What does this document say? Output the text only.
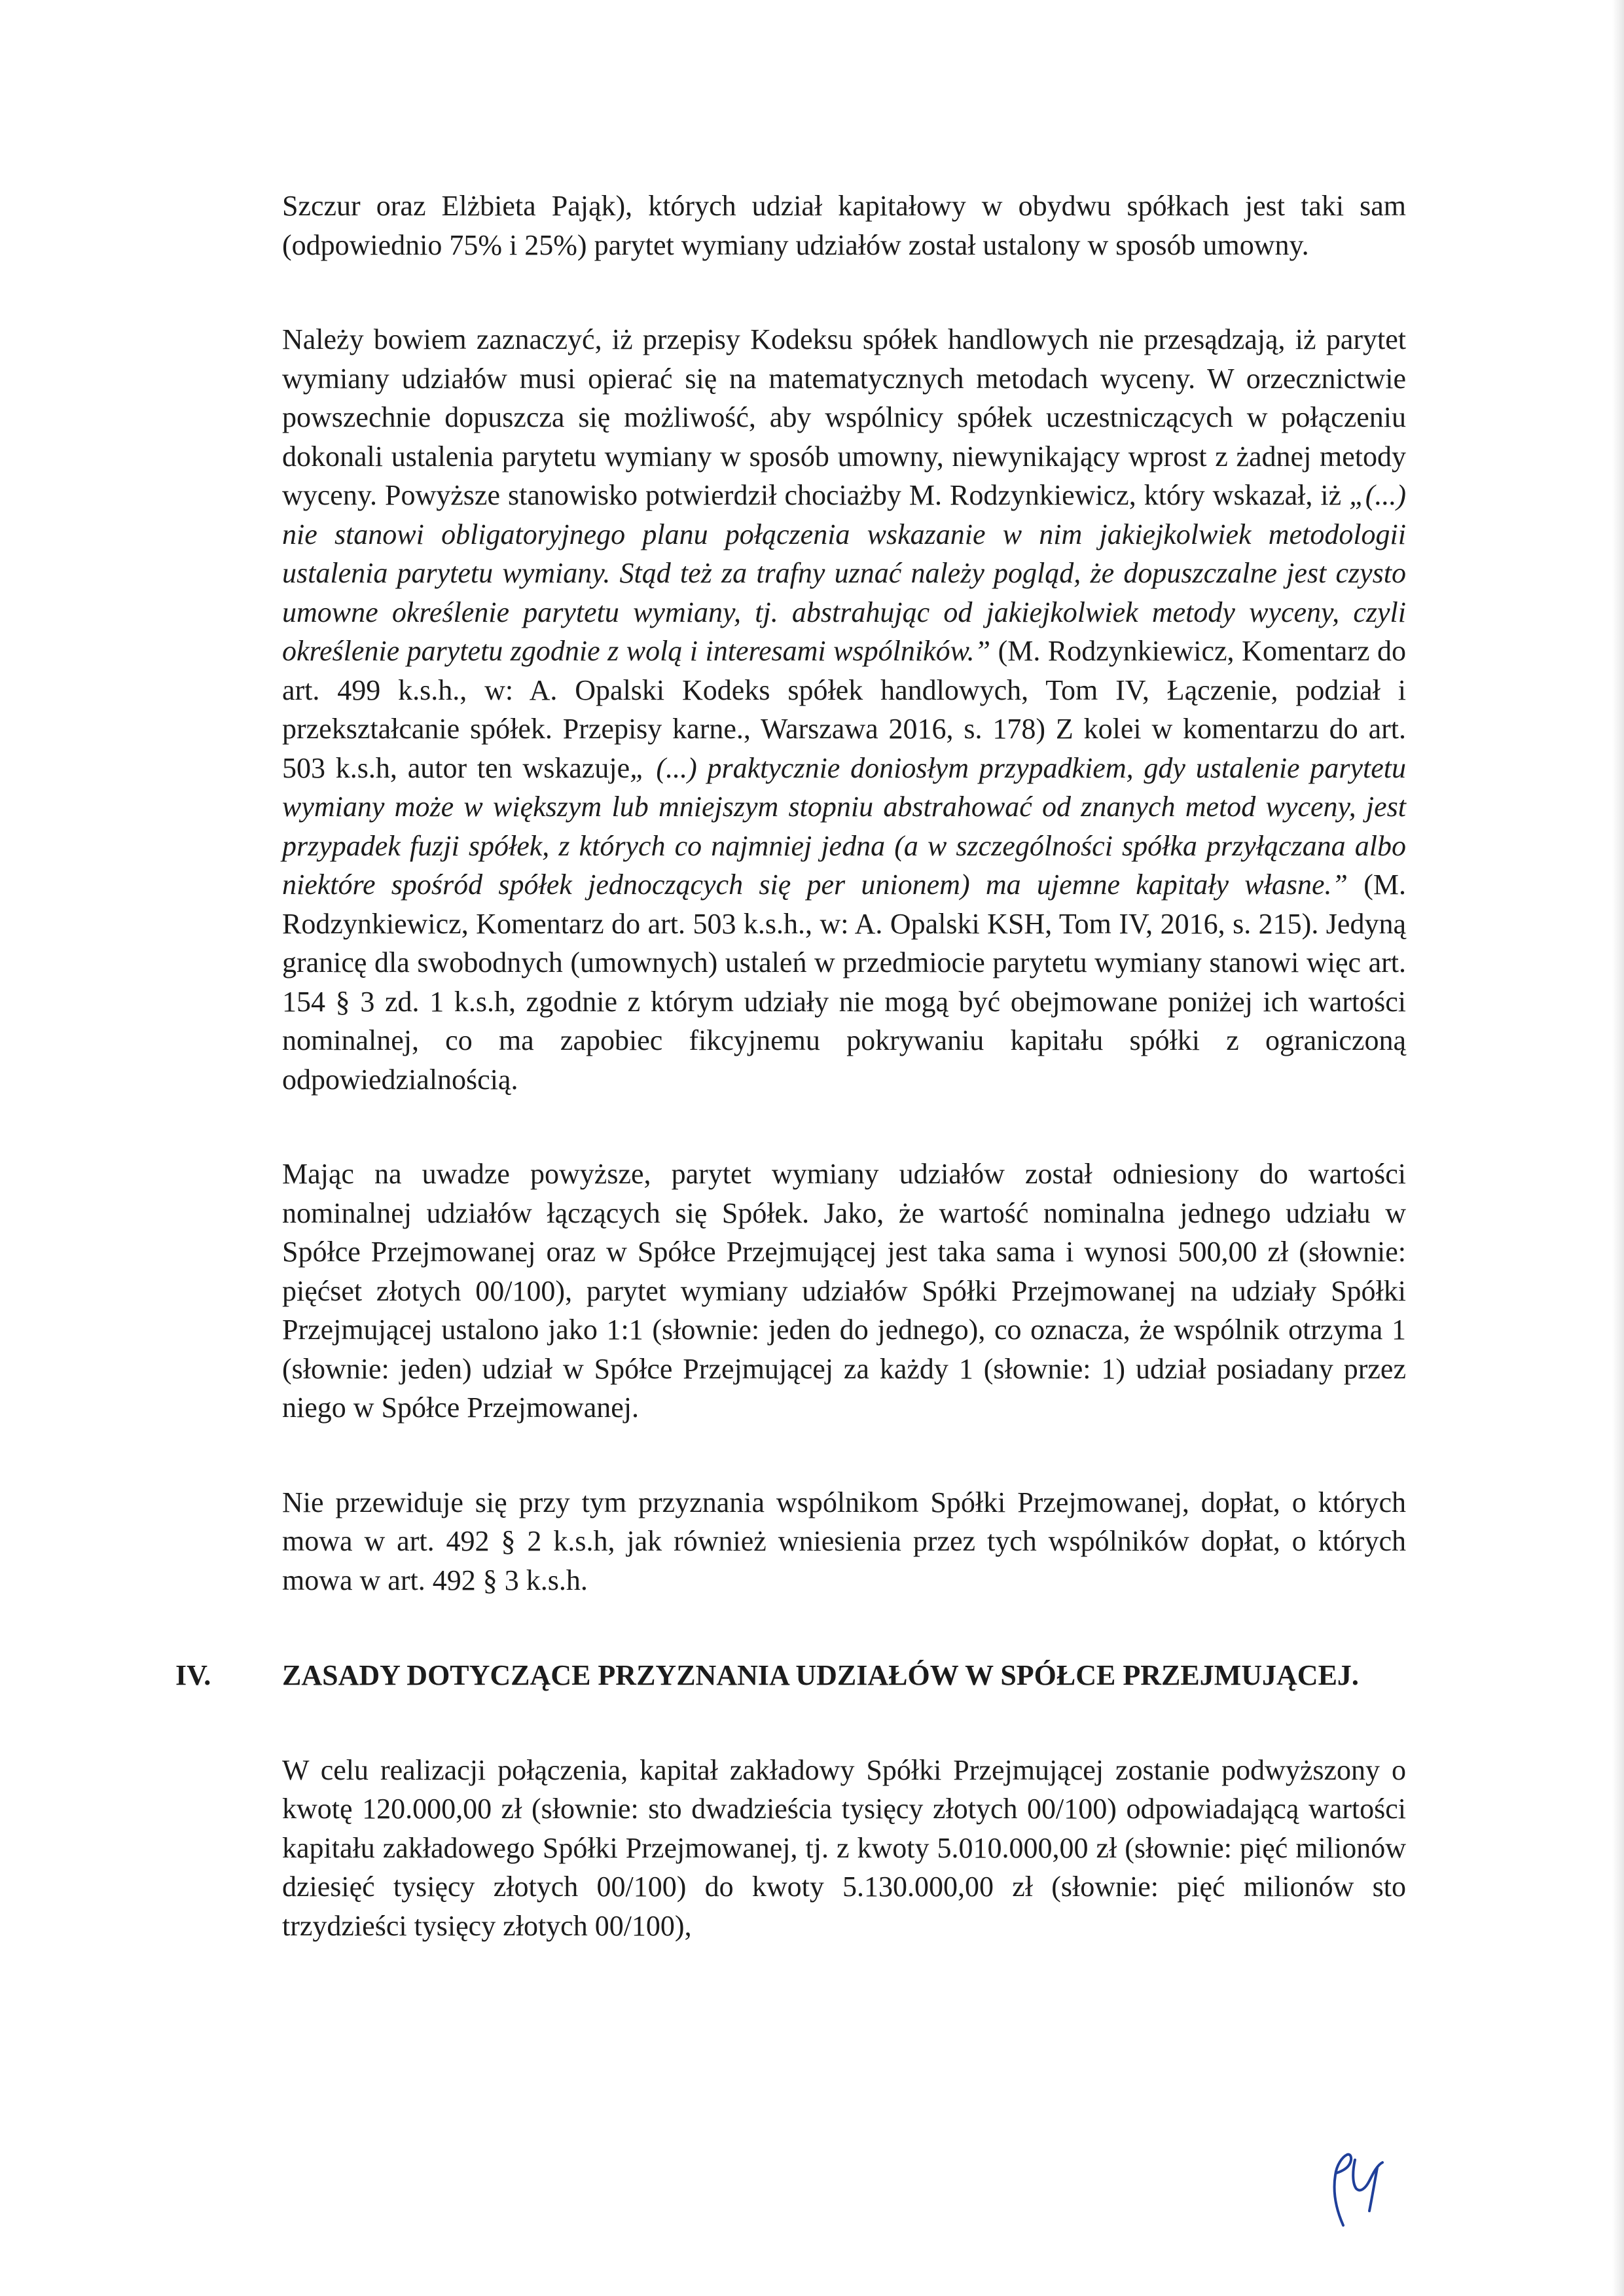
Szczur oraz Elżbieta Pająk), których udział kapitałowy w obydwu spółkach jest taki sam (odpowiednio 75% i 25%) parytet wymiany udziałów został ustalony w sposób umowny.

Należy bowiem zaznaczyć, iż przepisy Kodeksu spółek handlowych nie przesądzają, iż parytet wymiany udziałów musi opierać się na matematycznych metodach wyceny. W orzecznictwie powszechnie dopuszcza się możliwość, aby wspólnicy spółek uczestniczących w połączeniu dokonali ustalenia parytetu wymiany w sposób umowny, niewynikający wprost z żadnej metody wyceny. Powyższe stanowisko potwierdził chociażby M. Rodzynkiewicz, który wskazał, iż „(...) nie stanowi obligatoryjnego planu połączenia wskazanie w nim jakiejkolwiek metodologii ustalenia parytetu wymiany. Stąd też za trafny uznać należy pogląd, że dopuszczalne jest czysto umowne określenie parytetu wymiany, tj. abstrahując od jakiejkolwiek metody wyceny, czyli określenie parytetu zgodnie z wolą i interesami wspólników.” (M. Rodzynkiewicz, Komentarz do art. 499 k.s.h., w: A. Opalski Kodeks spółek handlowych, Tom IV, Łączenie, podział i przekształcanie spółek. Przepisy karne., Warszawa 2016, s. 178) Z kolei w komentarzu do art. 503 k.s.h, autor ten wskazuje„ (...) praktycznie doniosłym przypadkiem, gdy ustalenie parytetu wymiany może w większym lub mniejszym stopniu abstrahować od znanych metod wyceny, jest przypadek fuzji spółek, z których co najmniej jedna (a w szczególności spółka przyłączana albo niektóre spośród spółek jednoczących się per unionem) ma ujemne kapitały własne.” (M. Rodzynkiewicz, Komentarz do art. 503 k.s.h., w: A. Opalski KSH, Tom IV, 2016, s. 215). Jedyną granicę dla swobodnych (umownych) ustaleń w przedmiocie parytetu wymiany stanowi więc art. 154 § 3 zd. 1 k.s.h, zgodnie z którym udziały nie mogą być obejmowane poniżej ich wartości nominalnej, co ma zapobiec fikcyjnemu pokrywaniu kapitału spółki z ograniczoną odpowiedzialnością.

Mając na uwadze powyższe, parytet wymiany udziałów został odniesiony do wartości nominalnej udziałów łączących się Spółek. Jako, że wartość nominalna jednego udziału w Spółce Przejmowanej oraz w Spółce Przejmującej jest taka sama i wynosi 500,00 zł (słownie: pięćset złotych 00/100), parytet wymiany udziałów Spółki Przejmowanej na udziały Spółki Przejmującej ustalono jako 1:1 (słownie: jeden do jednego), co oznacza, że wspólnik otrzyma 1 (słownie: jeden) udział w Spółce Przejmującej za każdy 1 (słownie: 1) udział posiadany przez niego w Spółce Przejmowanej.

Nie przewiduje się przy tym przyznania wspólnikom Spółki Przejmowanej, dopłat, o których mowa w art. 492 § 2 k.s.h, jak również wniesienia przez tych wspólników dopłat, o których mowa w art. 492 § 3 k.s.h.

IV. ZASADY DOTYCZĄCE PRZYZNANIA UDZIAŁÓW W SPÓŁCE PRZEJMUJĄCEJ.

W celu realizacji połączenia, kapitał zakładowy Spółki Przejmującej zostanie podwyższony o kwotę 120.000,00 zł (słownie: sto dwadzieścia tysięcy złotych 00/100) odpowiadającą wartości kapitału zakładowego Spółki Przejmowanej, tj. z kwoty 5.010.000,00 zł (słownie: pięć milionów dziesięć tysięcy złotych 00/100) do kwoty 5.130.000,00 zł (słownie: pięć milionów sto trzydzieści tysięcy złotych 00/100),
